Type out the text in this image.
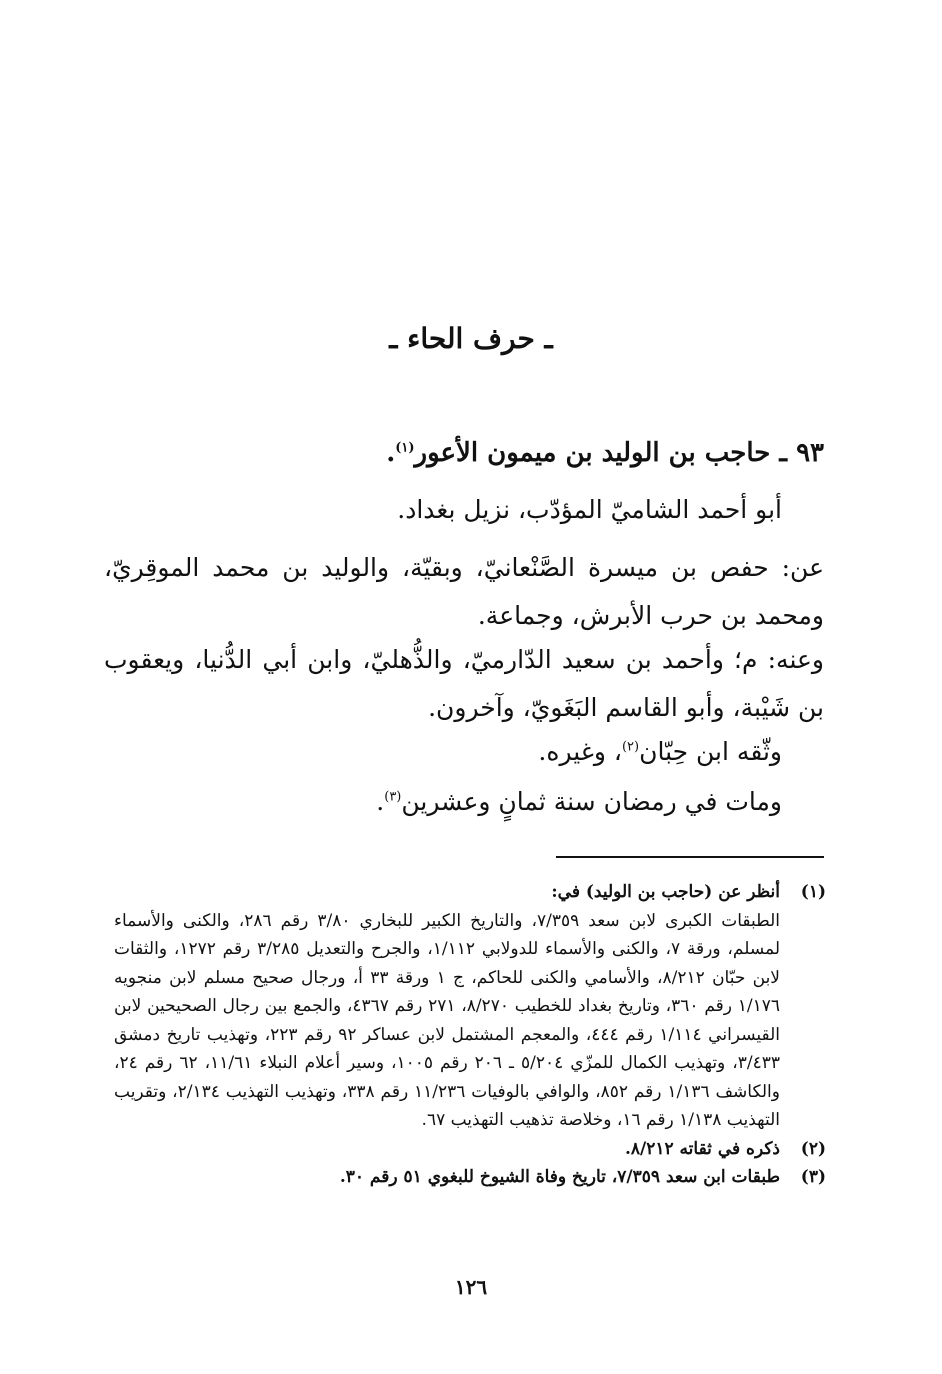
ـ حرف الحاء ـ
٩٣ ـ حاجب بن الوليد بن ميمون الأعور$^{(١)}$.
أبو أحمد الشاميّ المؤدّب، نزيل بغداد.
عن: حفص بن ميسرة الصَّنْعانيّ، وبقيّة، والوليد بن محمد الموقِريّ، ومحمد بن حرب الأبرش، وجماعة.
وعنه: م؛ وأحمد بن سعيد الدّارميّ، والذُّهليّ، وابن أبي الدُّنيا، ويعقوب بن شَيْبة، وأبو القاسم البَغَويّ، وآخرون.
وثّقه ابن حِبّان$^{(٢)}$، وغيره.
ومات في رمضان سنة ثمانٍ وعشرين$^{(٣)}$.
(١)
أنظر عن (حاجب بن الوليد) في:
الطبقات الكبرى لابن سعد ٧/٣٥٩، والتاريخ الكبير للبخاري ٣/٨٠ رقم ٢٨٦، والكنى والأسماء لمسلم، ورقة ٧، والكنى والأسماء للدولابي ١/١١٢، والجرح والتعديل ٣/٢٨٥ رقم ١٢٧٢، والثقات لابن حبّان ٨/٢١٢، والأسامي والكنى للحاكم، ج ١ ورقة ٣٣ أ، ورجال صحيح مسلم لابن منجويه ١/١٧٦ رقم ٣٦٠، وتاريخ بغداد للخطيب ٨/٢٧٠، ٢٧١ رقم ٤٣٦٧، والجمع بين رجال الصحيحين لابن القيسراني ١/١١٤ رقم ٤٤٤، والمعجم المشتمل لابن عساكر ٩٢ رقم ٢٢٣، وتهذيب تاريخ دمشق ٣/٤٣٣، وتهذيب الكمال للمزّي ٥/٢٠٤ ـ ٢٠٦ رقم ١٠٠٥، وسير أعلام النبلاء ١١/٦١، ٦٢ رقم ٢٤، والكاشف ١/١٣٦ رقم ٨٥٢، والوافي بالوفيات ١١/٢٣٦ رقم ٣٣٨، وتهذيب التهذيب ٢/١٣٤، وتقريب التهذيب ١/١٣٨ رقم ١٦، وخلاصة تذهيب التهذيب ٦٧.
(٢)
ذكره في ثقاته ٨/٢١٢.
(٣)
طبقات ابن سعد ٧/٣٥٩، تاريخ وفاة الشيوخ للبغوي ٥١ رقم ٣٠.
١٢٦
